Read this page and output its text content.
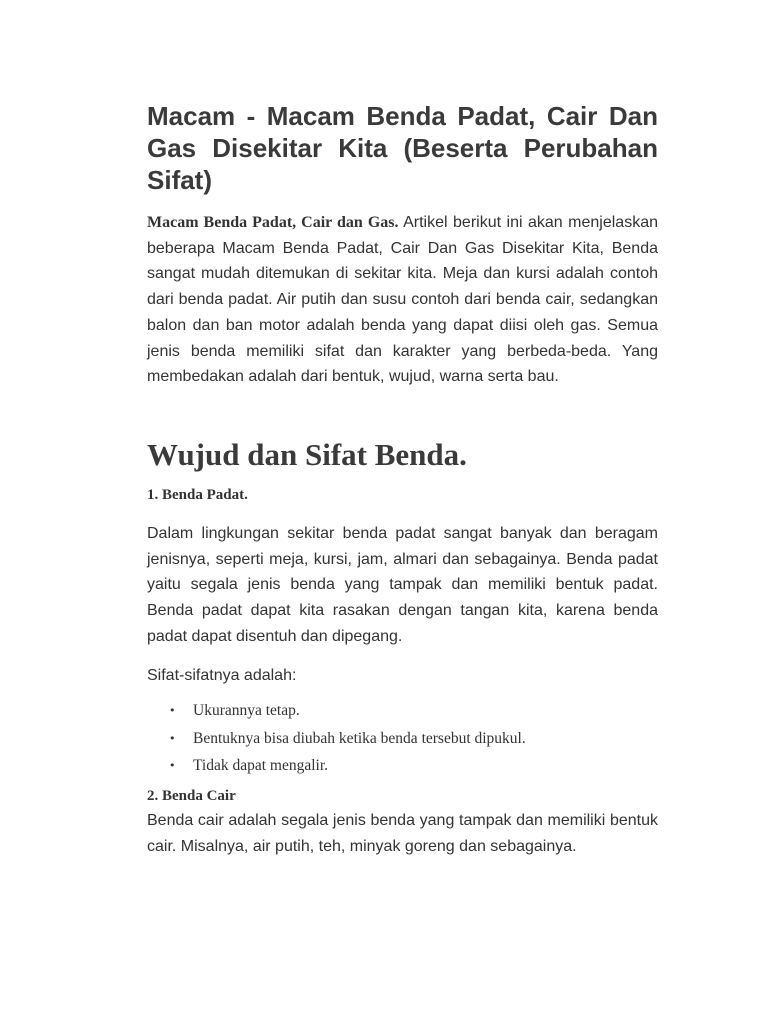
Macam - Macam Benda Padat, Cair Dan Gas Disekitar Kita (Beserta Perubahan Sifat)

Macam Benda Padat, Cair dan Gas. Artikel berikut ini akan menjelaskan beberapa Macam Benda Padat, Cair Dan Gas Disekitar Kita, Benda sangat mudah ditemukan di sekitar kita. Meja dan kursi adalah contoh dari benda padat. Air putih dan susu contoh dari benda cair, sedangkan balon dan ban motor adalah benda yang dapat diisi oleh gas. Semua jenis benda memiliki sifat dan karakter yang berbeda-beda. Yang membedakan adalah dari bentuk, wujud, warna serta bau.

Wujud dan Sifat Benda.
1. Benda Padat.

Dalam lingkungan sekitar benda padat sangat banyak dan beragam jenisnya, seperti meja, kursi, jam, almari dan sebagainya. Benda padat yaitu segala jenis benda yang tampak dan memiliki bentuk padat. Benda padat dapat kita rasakan dengan tangan kita, karena benda padat dapat disentuh dan dipegang.

Sifat-sifatnya adalah:
• Ukurannya tetap.
• Bentuknya bisa diubah ketika benda tersebut dipukul.
• Tidak dapat mengalir.
2. Benda Cair

Benda cair adalah segala jenis benda yang tampak dan memiliki bentuk cair. Misalnya, air putih, teh, minyak goreng dan sebagainya.
